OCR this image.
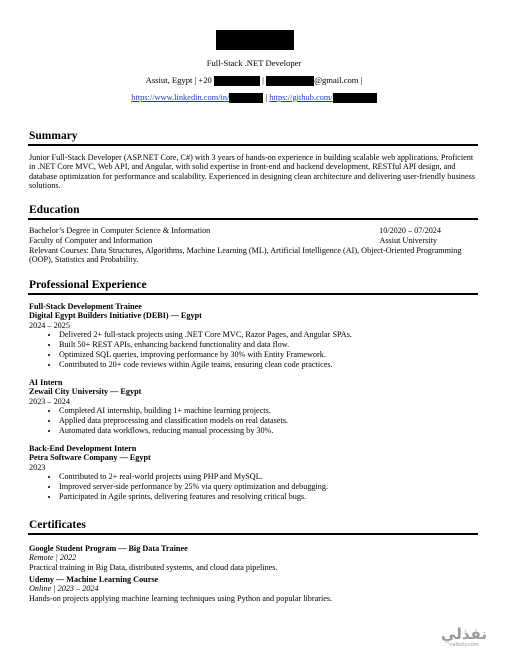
Full-Stack .NET Developer
Assiut, Egypt | +20	|	@gmail.com |
https://www.linkedin.com/in/	| https://github.com/
Summary
Junior Full-Stack Developer (ASP.NET Core, C#) with 3 years of hands-on experience in building scalable web applications. Proficient in .NET Core MVC, Web API, and Angular, with solid expertise in front-end and backend development, RESTful API design, and database optimization for performance and scalability. Experienced in designing clean architecture and delivering user-friendly business solutions.
Education
Bachelor’s Degree in Computer Science & Information	10/2020 – 07/2024
Faculty of Computer and Information	Assiut University
Relevant Courses: Data Structures, Algorithms, Machine Learning (ML), Artificial Intelligence (AI), Object-Oriented Programming (OOP), Statistics and Probability.
Professional Experience
Full-Stack Development Trainee
Digital Egypt Builders Initiative (DEBI) — Egypt
2024 – 2025
• Delivered 2+ full-stack projects using .NET Core MVC, Razor Pages, and Angular SPAs.
• Built 50+ REST APIs, enhancing backend functionality and data flow.
• Optimized SQL queries, improving performance by 30% with Entity Framework.
• Contributed to 20+ code reviews within Agile teams, ensuring clean code practices.
AI Intern
Zewail City University — Egypt
2023 – 2024
• Completed AI internship, building 1+ machine learning projects.
• Applied data preprocessing and classification models on real datasets.
• Automated data workflows, reducing manual processing by 30%.
Back-End Development Intern
Petra Software Company — Egypt
2023
• Contributed to 2+ real-world projects using PHP and MySQL.
• Improved server-side performance by 25% via query optimization and debugging.
• Participated in Agile sprints, delivering features and resolving critical bugs.
Certificates
Google Student Program — Big Data Trainee
Remote | 2022
Practical training in Big Data, distributed systems, and cloud data pipelines.
Udemy — Machine Learning Course
Online | 2023 – 2024
Hands-on projects applying machine learning techniques using Python and popular libraries.
نفذلي
nafezly.com
